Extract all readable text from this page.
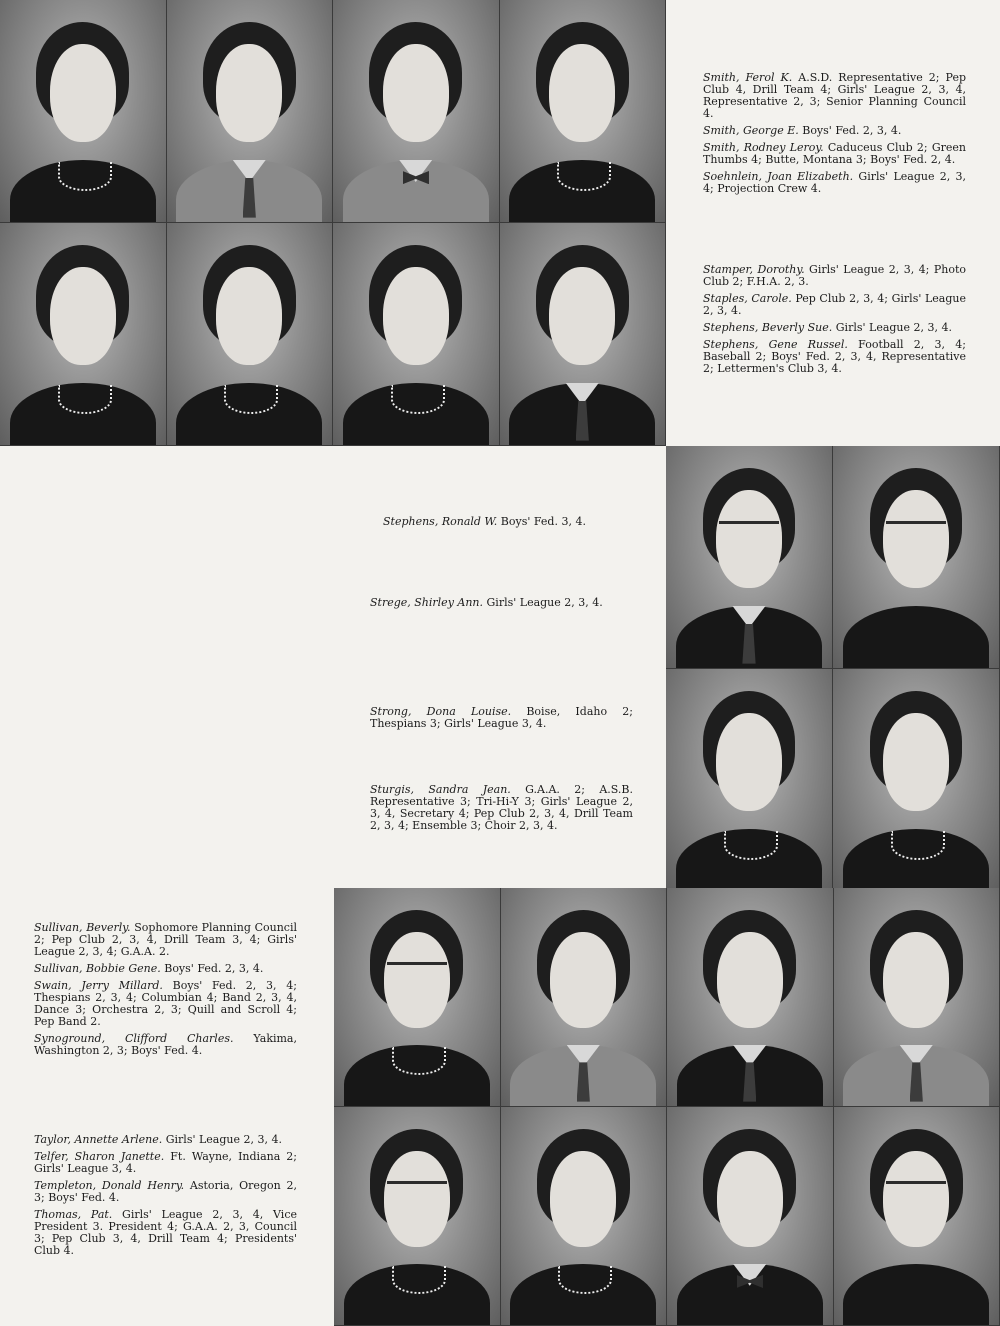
Smith, Ferol K. A.S.D. Representative 2; Pep Club 4, Drill Team 4; Girls' League 2, 3, 4, Representative 2, 3; Senior Planning Council 4.

Smith, George E. Boys' Fed. 2, 3, 4.

Smith, Rodney Leroy. Caduceus Club 2; Green Thumbs 4; Butte, Montana 3; Boys' Fed. 2, 4.

Soehnlein, Joan Elizabeth. Girls' League 2, 3, 4; Projection Crew 4.

Stamper, Dorothy. Girls' League 2, 3, 4; Photo Club 2; F.H.A. 2, 3.

Staples, Carole. Pep Club 2, 3, 4; Girls' League 2, 3, 4.

Stephens, Beverly Sue. Girls' League 2, 3, 4.

Stephens, Gene Russel. Football 2, 3, 4; Baseball 2; Boys' Fed. 2, 3, 4, Representative 2; Lettermen's Club 3, 4.

Stephens, Ronald W. Boys' Fed. 3, 4.

Strege, Shirley Ann. Girls' League 2, 3, 4.

Strong, Dona Louise. Boise, Idaho 2; Thespians 3; Girls' League 3, 4.

Sturgis, Sandra Jean. G.A.A. 2; A.S.B. Representative 3; Tri-Hi-Y 3; Girls' League 2, 3, 4, Secretary 4; Pep Club 2, 3, 4, Drill Team 2, 3, 4; Ensemble 3; Choir 2, 3, 4.

Sullivan, Beverly. Sophomore Planning Council 2; Pep Club 2, 3, 4, Drill Team 3, 4; Girls' League 2, 3, 4; G.A.A. 2.

Sullivan, Bobbie Gene. Boys' Fed. 2, 3, 4.

Swain, Jerry Millard. Boys' Fed. 2, 3, 4; Thespians 2, 3, 4; Columbian 4; Band 2, 3, 4, Dance 3; Orchestra 2, 3; Quill and Scroll 4; Pep Band 2.

Synoground, Clifford Charles. Yakima, Washington 2, 3; Boys' Fed. 4.

Taylor, Annette Arlene. Girls' League 2, 3, 4.

Telfer, Sharon Janette. Ft. Wayne, Indiana 2; Girls' League 3, 4.

Templeton, Donald Henry. Astoria, Oregon 2, 3; Boys' Fed. 4.

Thomas, Pat. Girls' League 2, 3, 4, Vice President 3. President 4; G.A.A. 2, 3, Council 3; Pep Club 3, 4, Drill Team 4; Presidents' Club 4.
